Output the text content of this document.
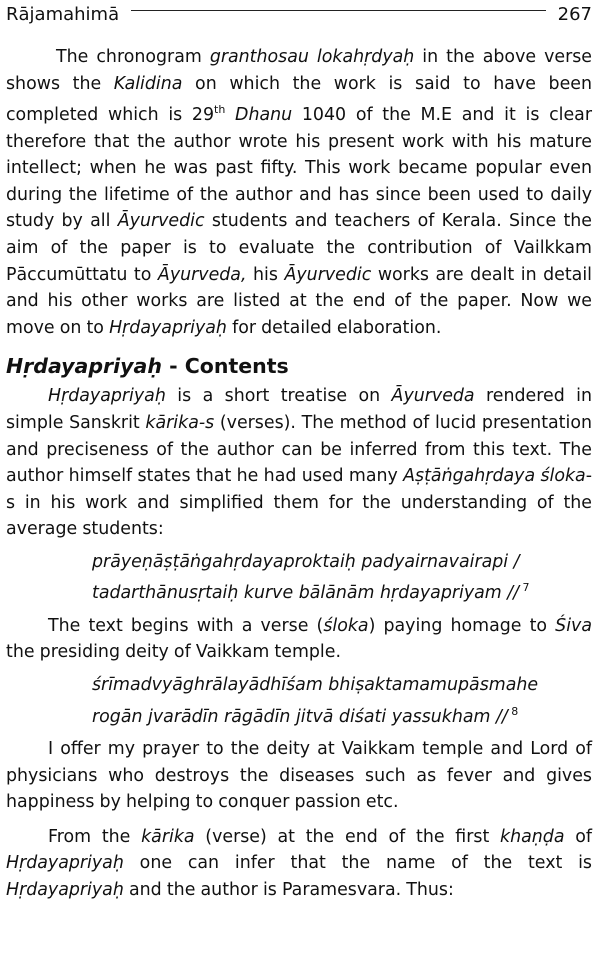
Rājamahimā	267

The chronogram granthosau lokahṛdyaḥ in the above verse shows the Kalidina on which the work is said to have been completed which is 29th Dhanu 1040 of the M.E and it is clear therefore that the author wrote his present work with his mature intellect; when he was past fifty. This work became popular even during the lifetime of the author and has since been used to daily study by all Āyurvedic students and teachers of Kerala. Since the aim of the paper is to evaluate the contribution of Vailkkam Pāccumūttatu to Āyurveda, his Āyurvedic works are dealt in detail and his other works are listed at the end of the paper. Now we move on to Hṛdayapriyaḥ for detailed elaboration.

Hṛdayapriyaḥ - Contents

Hṛdayapriyaḥ is a short treatise on Āyurveda rendered in simple Sanskrit kārika-s (verses). The method of lucid presentation and preciseness of the author can be inferred from this text. The author himself states that he had used many Aṣṭāṅgahṛdaya śloka-s in his work and simplified them for the understanding of the average students:

prāyeṇāṣṭāṅgahṛdayaproktaiḥ padyairnavairapi /
tadarthānusṛtaiḥ kurve bālānām hṛdayapriyam // $^7$

The text begins with a verse (śloka) paying homage to Śiva the presiding deity of Vaikkam temple.

śrīmadvyāghrālayādhīśam bhiṣaktamamupāsmahe
rogān jvarādīn rāgādīn jitvā diśati yassukham // $^8$

I offer my prayer to the deity at Vaikkam temple and Lord of physicians who destroys the diseases such as fever and gives happiness by helping to conquer passion etc.

From the kārika (verse) at the end of the first khaṇḍa of Hṛdayapriyaḥ one can infer that the name of the text is Hṛdayapriyaḥ and the author is Paramesvara. Thus:
